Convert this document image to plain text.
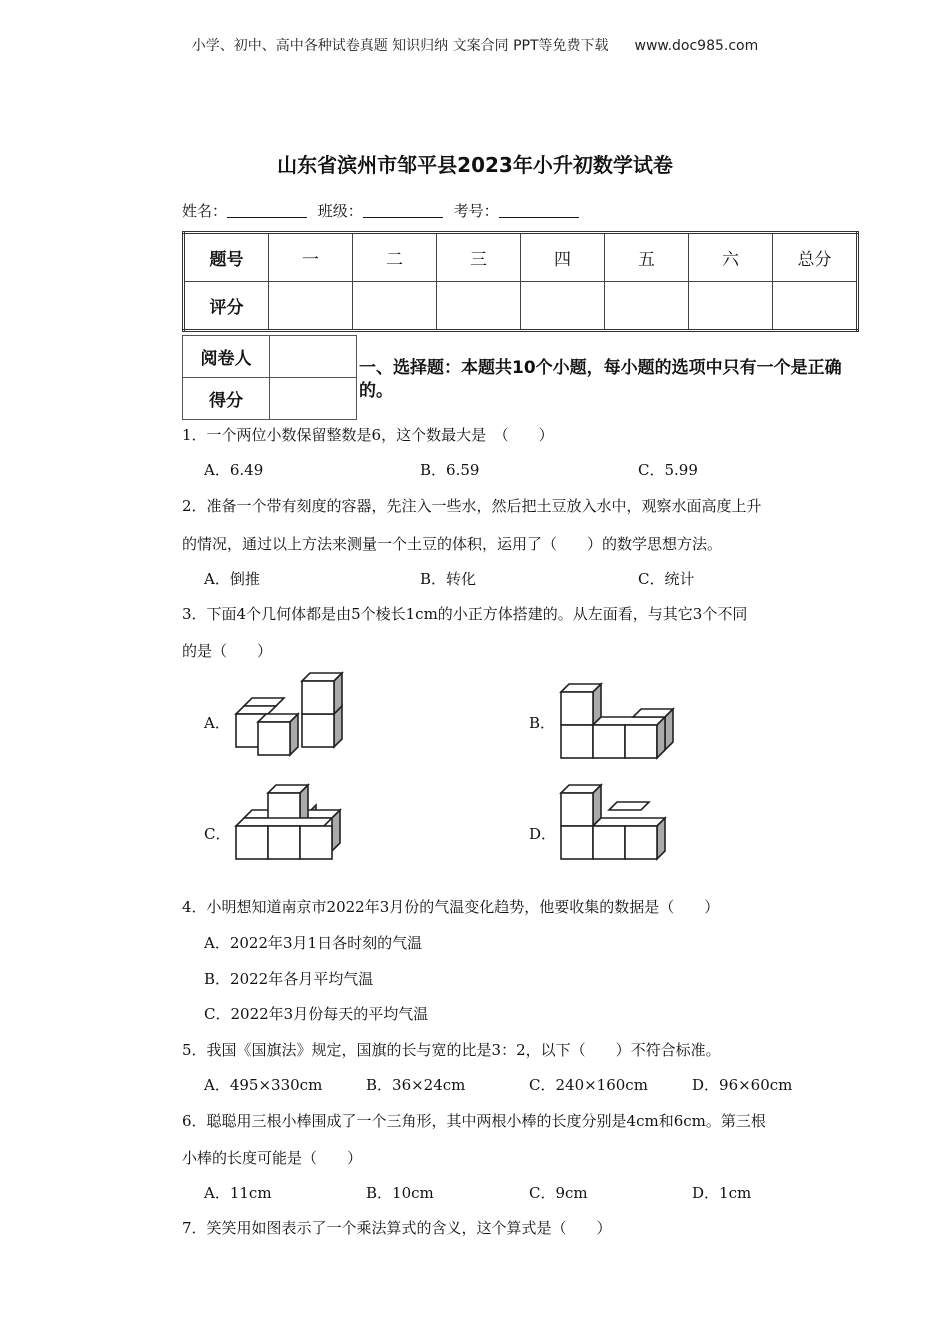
小学、初中、高中各种试卷真题 知识归纳 文案合同 PPT等免费下载 www.doc985.com
山东省滨州市邹平县2023年小升初数学试卷
姓名：	班级：	考号：
题号	一	二	三	四	五	六	总分
评分							
阅卷人	
得分	
一、选择题：本题共10个小题，每小题的选项中只有一个是正确的。
1．一个两位小数保留整数是6，这个数最大是　（　　）
A．6.49	B．6.59	C．5.99
2．准备一个带有刻度的容器，先注入一些水，然后把土豆放入水中，观察水面高度上升
的情况，通过以上方法来测量一个土豆的体积，运用了（　　）的数学思想方法。
A．倒推	B．转化	C．统计
3．下面4个几何体都是由5个棱长1cm的小正方体搭建的。从左面看，与其它3个不同
的是（　　）
A．	B．
C．	D．
4．小明想知道南京市2022年3月份的气温变化趋势，他要收集的数据是（　　）
A．2022年3月1日各时刻的气温
B．2022年各月平均气温
C．2022年3月份每天的平均气温
5．我国《国旗法》规定，国旗的长与宽的比是3：2，以下（　　）不符合标准。
A．495×330cm	B．36×24cm	C．240×160cm	D．96×60cm
6．聪聪用三根小棒围成了一个三角形，其中两根小棒的长度分别是4cm和6cm。第三根
小棒的长度可能是（　　）
A．11cm	B．10cm	C．9cm	D．1cm
7．笑笑用如图表示了一个乘法算式的含义，这个算式是（　　）
